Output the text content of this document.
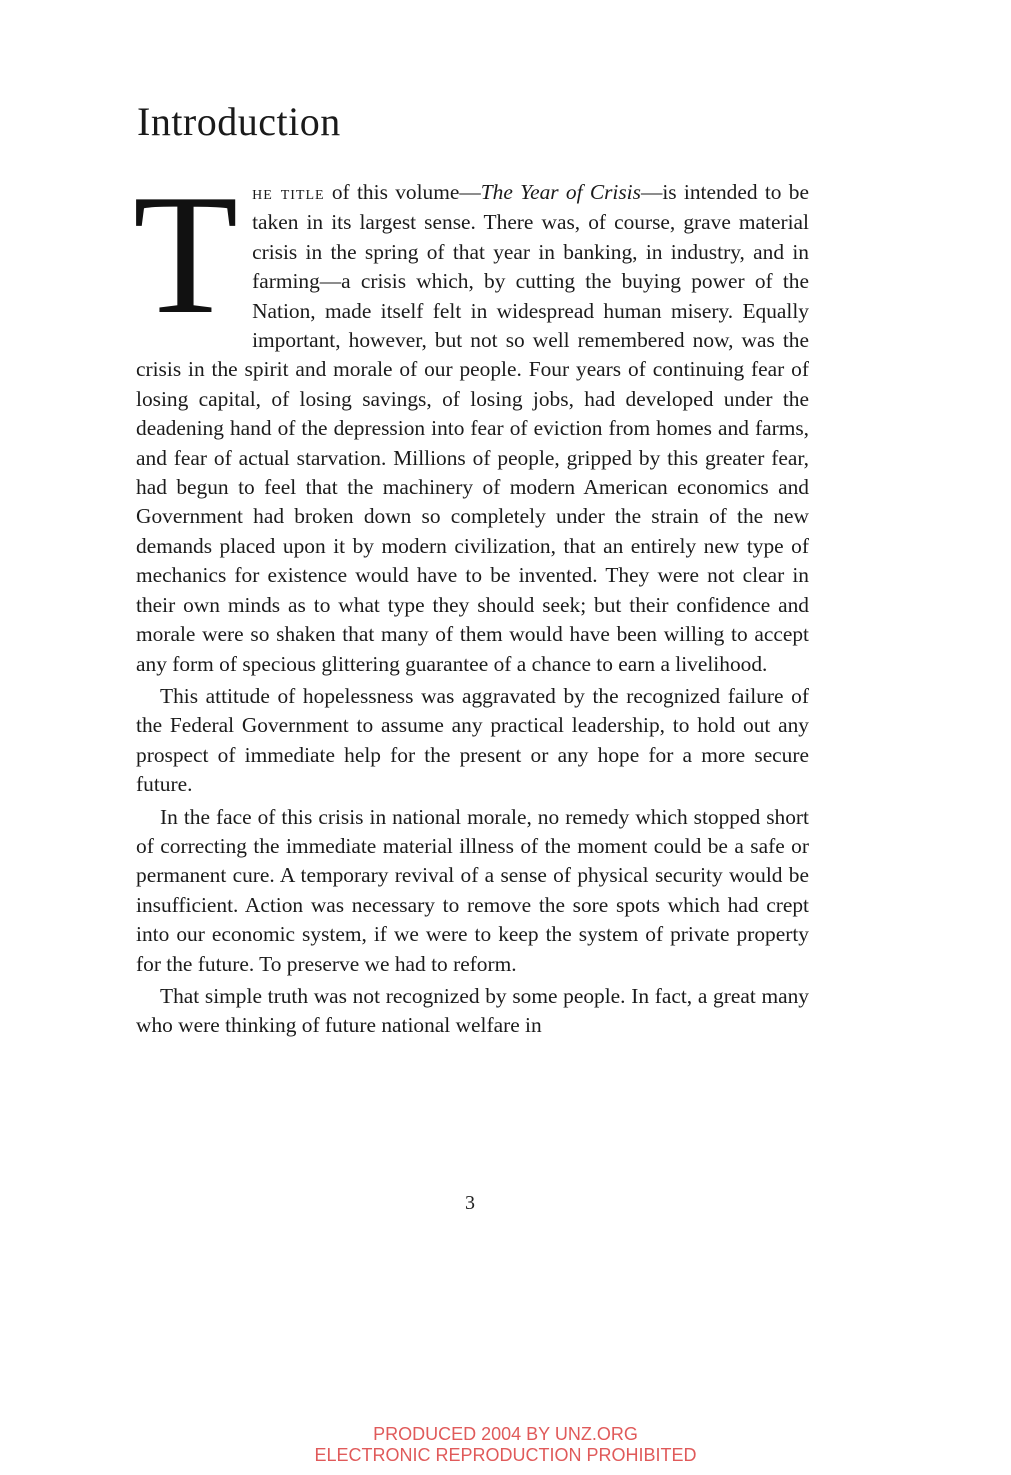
Introduction

The title of this volume—The Year of Crisis—is intended to be taken in its largest sense. There was, of course, grave material crisis in the spring of that year in banking, in industry, and in farming—a crisis which, by cutting the buying power of the Nation, made itself felt in widespread human misery. Equally important, however, but not so well remembered now, was the crisis in the spirit and morale of our people. Four years of continuing fear of losing capital, of losing savings, of losing jobs, had developed under the deadening hand of the depression into fear of eviction from homes and farms, and fear of actual starvation. Millions of people, gripped by this greater fear, had begun to feel that the machinery of modern American economics and Government had broken down so completely under the strain of the new demands placed upon it by modern civilization, that an entirely new type of mechanics for existence would have to be invented. They were not clear in their own minds as to what type they should seek; but their confidence and morale were so shaken that many of them would have been willing to accept any form of specious glittering guarantee of a chance to earn a livelihood.

This attitude of hopelessness was aggravated by the recognized failure of the Federal Government to assume any practical leadership, to hold out any prospect of immediate help for the present or any hope for a more secure future.

In the face of this crisis in national morale, no remedy which stopped short of correcting the immediate material illness of the moment could be a safe or permanent cure. A temporary revival of a sense of physical security would be insufficient. Action was necessary to remove the sore spots which had crept into our economic system, if we were to keep the system of private property for the future. To preserve we had to reform.

That simple truth was not recognized by some people. In fact, a great many who were thinking of future national welfare in

3
PRODUCED 2004 BY UNZ.ORG
ELECTRONIC REPRODUCTION PROHIBITED
